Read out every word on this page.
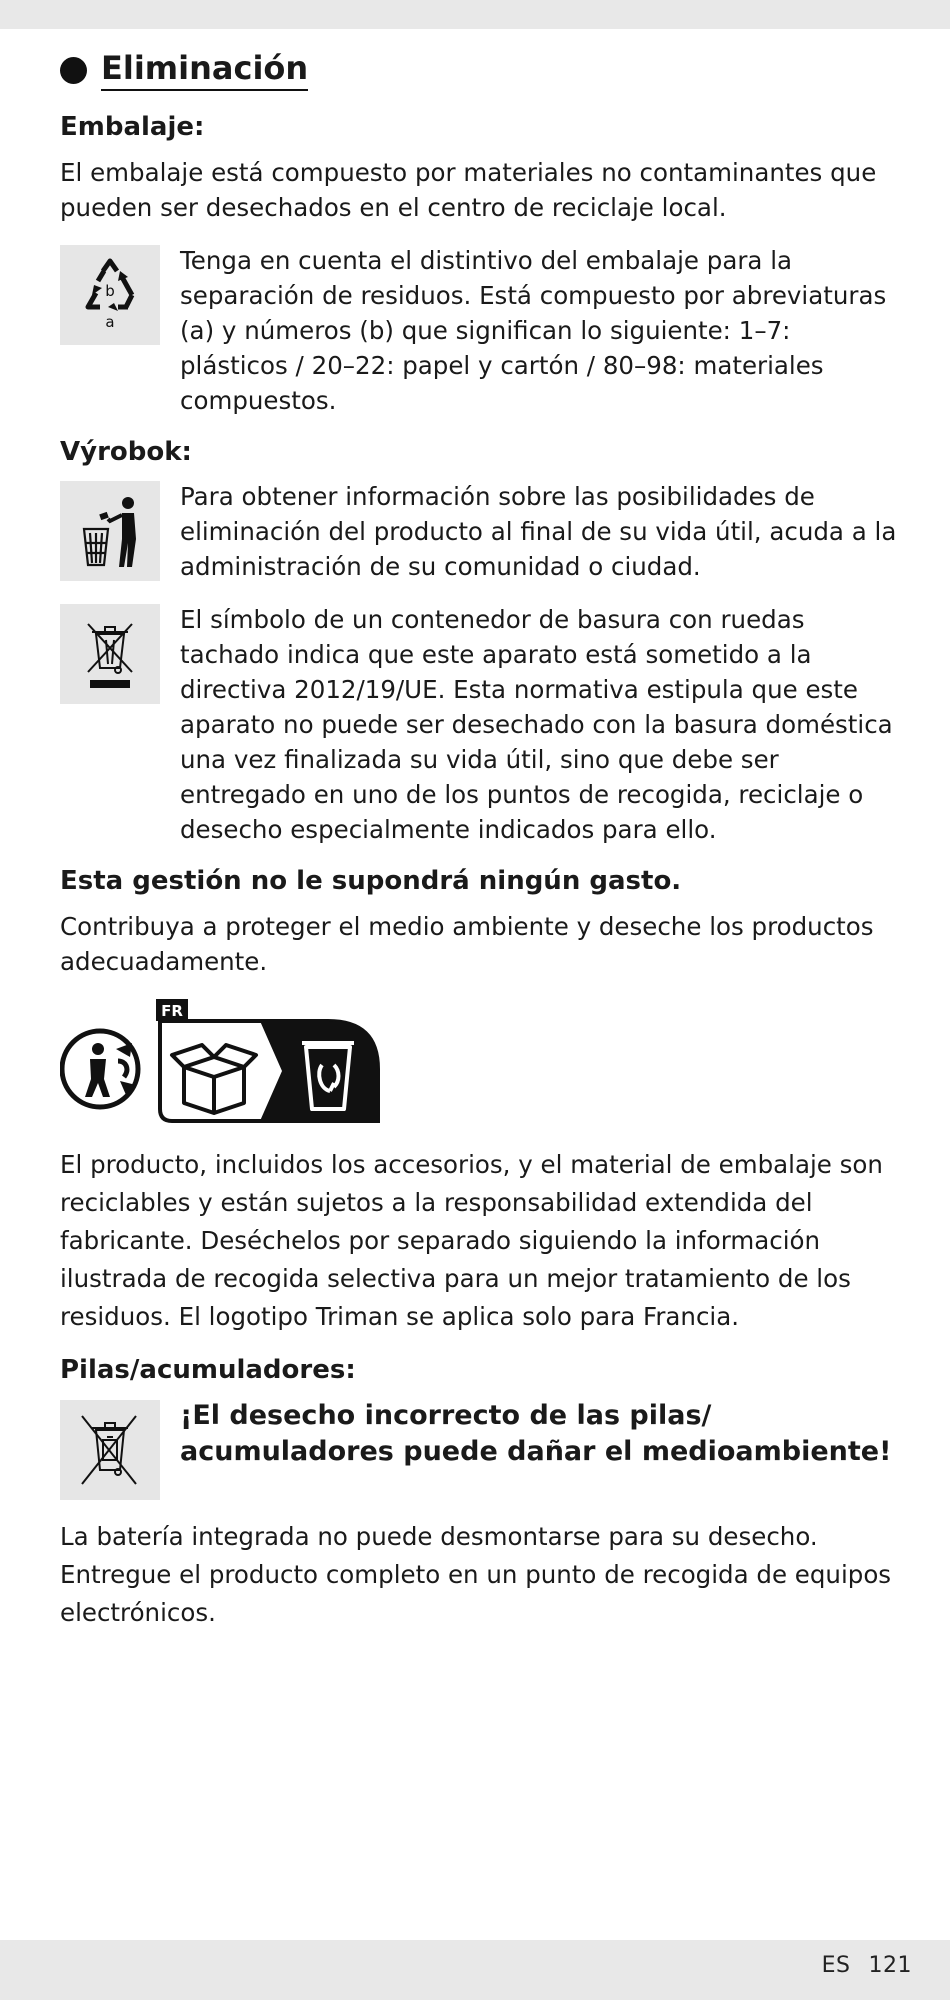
Eliminación
Embalaje:

El embalaje está compuesto por materiales no contaminantes que pueden ser desechados en el centro de reciclaje local.

b
a

Tenga en cuenta el distintivo del embalaje para la separación de residuos. Está compuesto por abreviaturas (a) y números (b) que significan lo siguiente: 1–7: plásticos / 20–22: papel y cartón / 80–98: materiales compuestos.

Výrobok:

Para obtener información sobre las posibilidades de eliminación del producto al final de su vida útil, acuda a la administración de su comunidad o ciudad.

El símbolo de un contenedor de basura con ruedas tachado indica que este aparato está sometido a la directiva 2012/19/UE. Esta normativa estipula que este aparato no puede ser desechado con la basura doméstica una vez finalizada su vida útil, sino que debe ser entregado en uno de los puntos de recogida, reciclaje o desecho especialmente indicados para ello.

Esta gestión no le supondrá ningún gasto.

Contribuya a proteger el medio ambiente y deseche los productos adecuadamente.

FR

El producto, incluidos los accesorios, y el material de embalaje son reciclables y están sujetos a la responsabilidad extendida del fabricante. Deséchelos por separado siguiendo la información ilustrada de recogida selectiva para un mejor tratamiento de los residuos. El logotipo Triman se aplica solo para Francia.

Pilas/acumuladores:

¡El desecho incorrecto de las pilas/ acumuladores puede dañar el medioambiente!

La batería integrada no puede desmontarse para su desecho. Entregue el producto completo en un punto de recogida de equipos electrónicos.

ES 121
